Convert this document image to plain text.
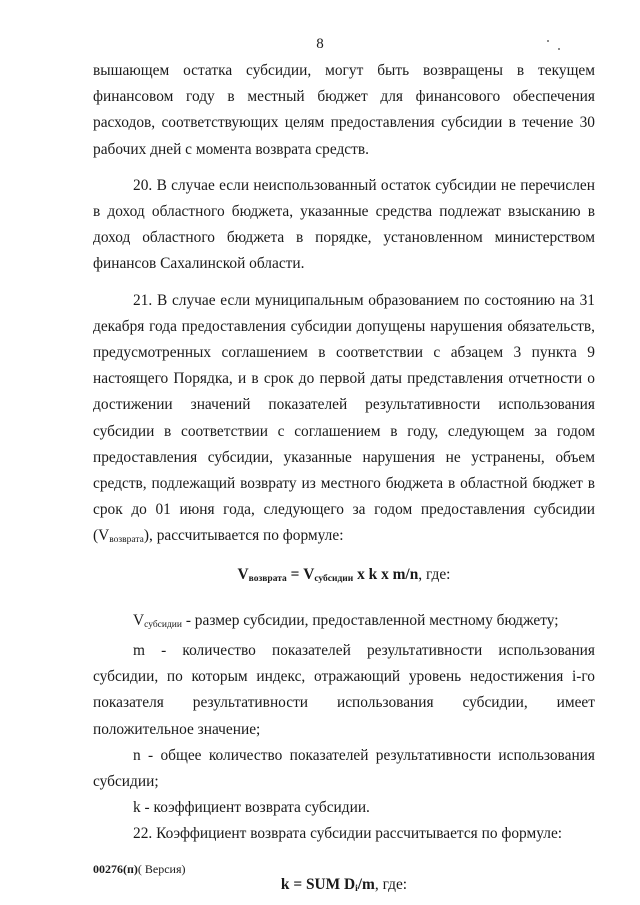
8

вышающем остатка субсидии, могут быть возвращены в текущем финансовом году в местный бюджет для финансового обеспечения расходов, соответствующих целям предоставления субсидии в течение 30 рабочих дней с момента возврата средств.

20. В случае если неиспользованный остаток субсидии не перечислен в доход областного бюджета, указанные средства подлежат взысканию в доход областного бюджета в порядке, установленном министерством финансов Сахалинской области.

21. В случае если муниципальным образованием по состоянию на 31 декабря года предоставления субсидии допущены нарушения обязательств, предусмотренных соглашением в соответствии с абзацем 3 пункта 9 настоящего Порядка, и в срок до первой даты представления отчетности о достижении значений показателей результативности использования субсидии в соответствии с соглашением в году, следующем за годом предоставления субсидии, указанные нарушения не устранены, объем средств, подлежащий возврату из местного бюджета в областной бюджет в срок до 01 июня года, следующего за годом предоставления субсидии (Vвозврата), рассчитывается по формуле:

$V_{возврата} = V_{субсидии}$ x k x m/n, где:

Vсубсидии - размер субсидии, предоставленной местному бюджету;

m - количество показателей результативности использования субсидии, по которым индекс, отражающий уровень недостижения i-го показателя результативности использования субсидии, имеет положительное значение;

n - общее количество показателей результативности использования субсидии;

k - коэффициент возврата субсидии.

22. Коэффициент возврата субсидии рассчитывается по формуле:

k = SUM $D_i/m$, где:
00276(п)( Версия)
